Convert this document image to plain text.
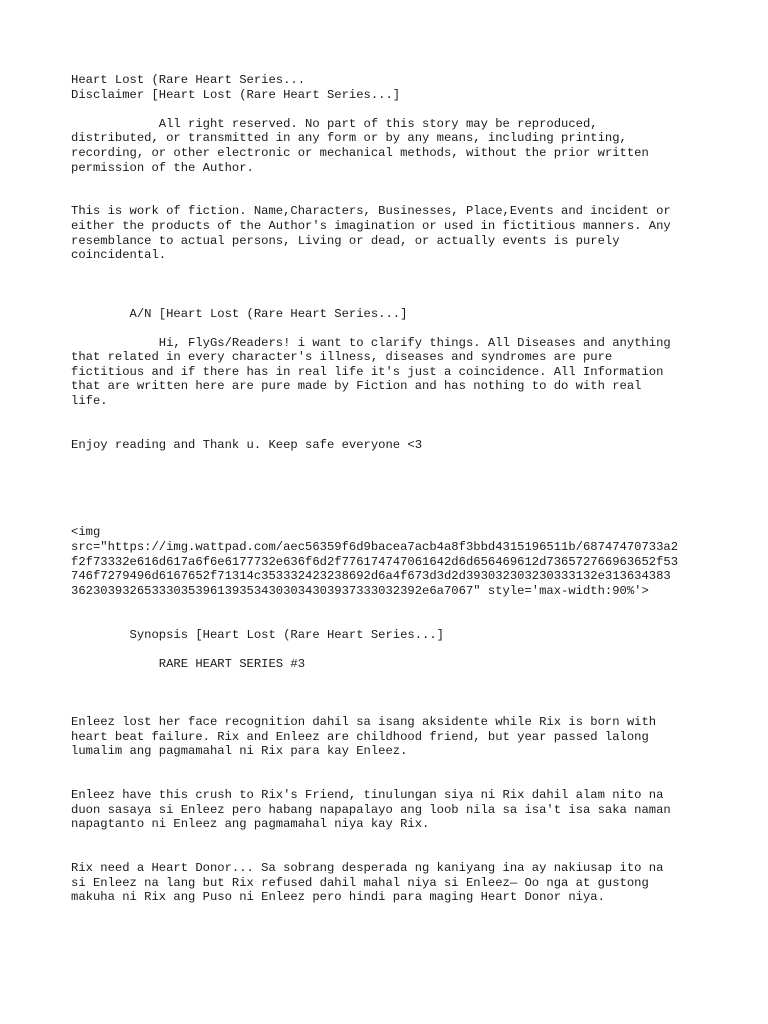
Heart Lost (Rare Heart Series...
Disclaimer [Heart Lost (Rare Heart Series...]
All right reserved. No part of this story may be reproduced,
distributed, or transmitted in any form or by any means, including printing,
recording, or other electronic or mechanical methods, without the prior written
permission of the Author.
This is work of fiction. Name,Characters, Businesses, Place,Events and incident or
either the products of the Author's imagination or used in fictitious manners. Any
resemblance to actual persons, Living or dead, or actually events is purely
coincidental.
A/N [Heart Lost (Rare Heart Series...]
Hi, FlyGs/Readers! i want to clarify things. All Diseases and anything
that related in every character's illness, diseases and syndromes are pure
fictitious and if there has in real life it's just a coincidence. All Information
that are written here are pure made by Fiction and has nothing to do with real
life.
Enjoy reading and Thank u. Keep safe everyone <3
<img
src="https://img.wattpad.com/aec56359f6d9bacea7acb4a8f3bbd4315196511b/68747470733a2
f2f73332e616d617a6f6e6177732e636f6d2f776174747061642d6d656469612d736572766963652f53
746f7279496d6167652f71314c353332423238692d6a4f673d3d2d393032303230333132e313634383
362303932653330353961393534303034303937333032392e6a7067" style='max-width:90%'>
Synopsis [Heart Lost (Rare Heart Series...]
RARE HEART SERIES #3
Enleez lost her face recognition dahil sa isang aksidente while Rix is born with
heart beat failure. Rix and Enleez are childhood friend, but year passed lalong
lumalim ang pagmamahal ni Rix para kay Enleez.
Enleez have this crush to Rix's Friend, tinulungan siya ni Rix dahil alam nito na
duon sasaya si Enleez pero habang napapalayo ang loob nila sa isa't isa saka naman
napagtanto ni Enleez ang pagmamahal niya kay Rix.
Rix need a Heart Donor... Sa sobrang desperada ng kaniyang ina ay nakiusap ito na
si Enleez na lang but Rix refused dahil mahal niya si Enleez— Oo nga at gustong
makuha ni Rix ang Puso ni Enleez pero hindi para maging Heart Donor niya.
